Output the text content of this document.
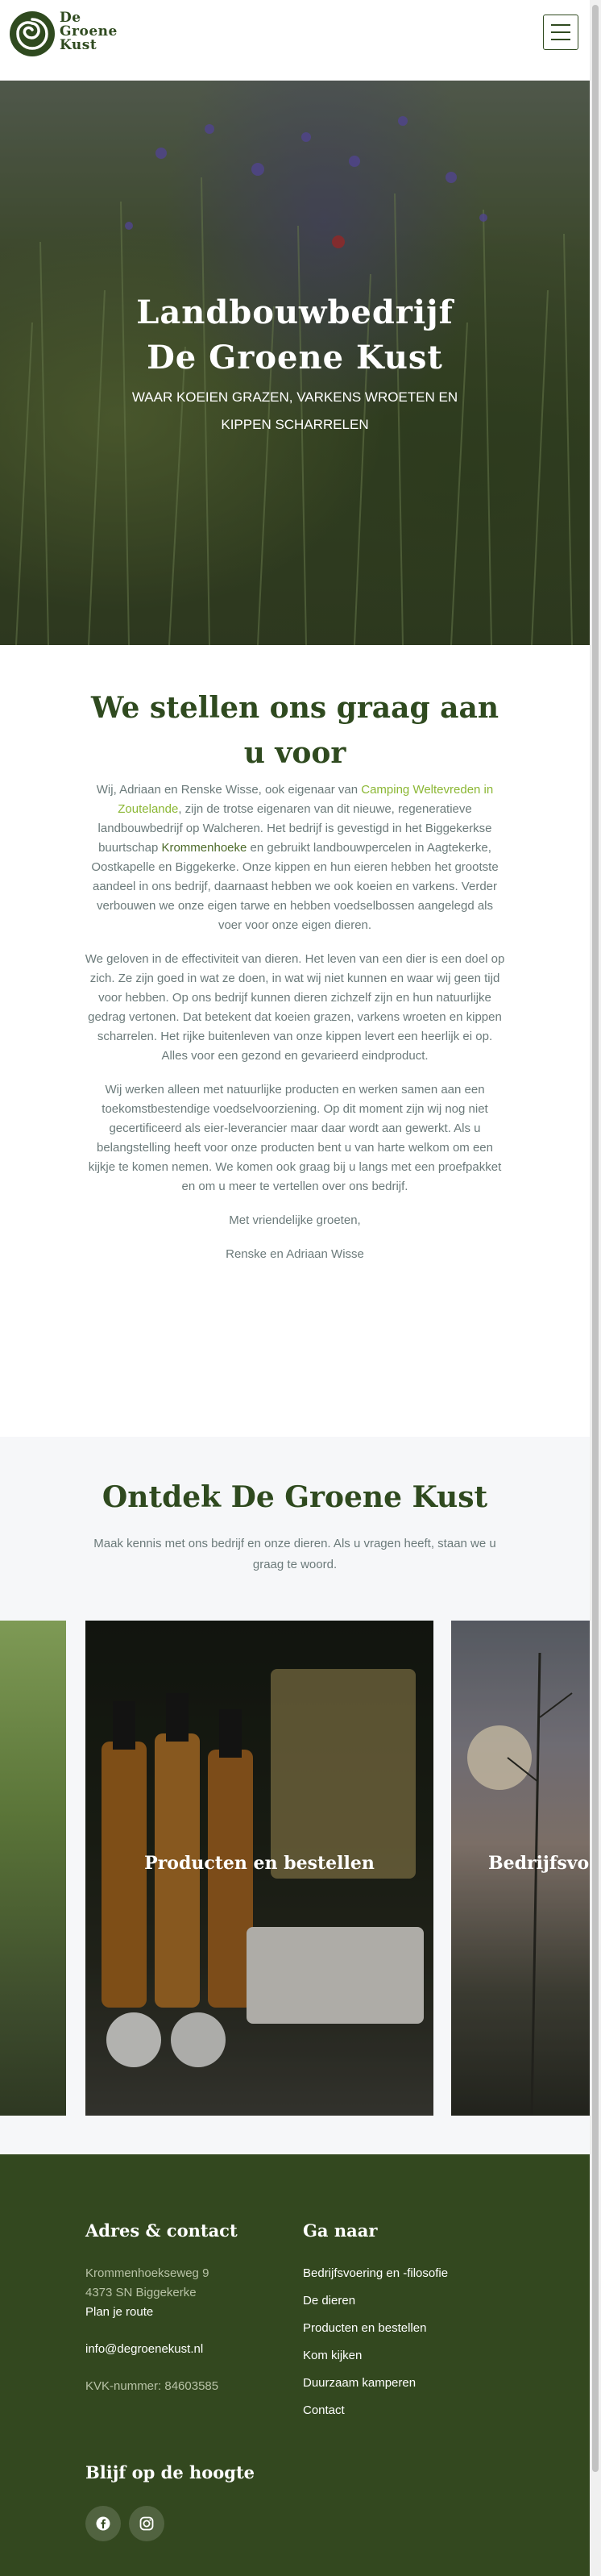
De
Groene
Kust
Landbouwbedrijf
De Groene Kust
WAAR KOEIEN GRAZEN, VARKENS WROETEN EN KIPPEN SCHARRELEN
We stellen ons graag aan u voor

Wij, Adriaan en Renske Wisse, ook eigenaar van Camping Weltevreden in Zoutelande, zijn de trotse eigenaren van dit nieuwe, regeneratieve landbouwbedrijf op Walcheren. Het bedrijf is gevestigd in het Biggekerkse buurtschap Krommenhoeke en gebruikt landbouwpercelen in Aagtekerke, Oostkapelle en Biggekerke. Onze kippen en hun eieren hebben het grootste aandeel in ons bedrijf, daarnaast hebben we ook koeien en varkens. Verder verbouwen we onze eigen tarwe en hebben voedselbossen aangelegd als voer voor onze eigen dieren.

We geloven in de effectiviteit van dieren. Het leven van een dier is een doel op zich. Ze zijn goed in wat ze doen, in wat wij niet kunnen en waar wij geen tijd voor hebben. Op ons bedrijf kunnen dieren zichzelf zijn en hun natuurlijke gedrag vertonen. Dat betekent dat koeien grazen, varkens wroeten en kippen scharrelen. Het rijke buitenleven van onze kippen levert een heerlijk ei op. Alles voor een gezond en gevarieerd eindproduct.

Wij werken alleen met natuurlijke producten en werken samen aan een toekomstbestendige voedselvoorziening. Op dit moment zijn wij nog niet gecertificeerd als eier-leverancier maar daar wordt aan gewerkt. Als u belangstelling heeft voor onze producten bent u van harte welkom om een kijkje te komen nemen. We komen ook graag bij u langs met een proefpakket en om u meer te vertellen over ons bedrijf.

Met vriendelijke groeten,

Renske en Adriaan Wisse

Ontdek De Groene Kust
Maak kennis met ons bedrijf en onze dieren. Als u vragen heeft, staan we u graag te woord.
Producten en bestellen	Bedrijfsvo
Adres & contact
Krommenhoekseweg 9
4373 SN Biggekerke
Plan je route
info@degroenekust.nl
KVK-nummer: 84603585
Ga naar
Bedrijfsvoering en -filosofie
De dieren
Producten en bestellen
Kom kijken
Duurzaam kamperen
Contact
Blijf op de hoogte
